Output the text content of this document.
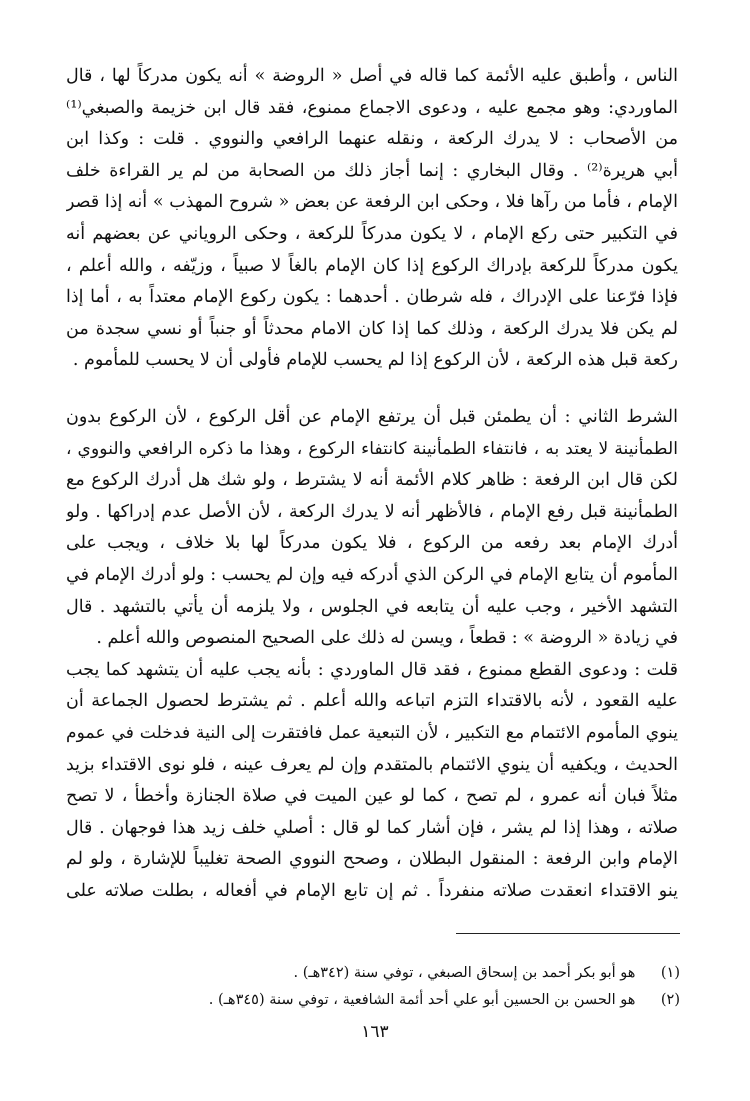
الناس ، وأطبق عليه الأئمة كما قاله في أصل « الروضة » أنه يكون مدركاً لها ، قال
الماوردي: وهو مجمع عليه ، ودعوى الاجماع ممنوع، فقد قال ابن خزيمة والصبغي⁽¹⁾
من الأصحاب : لا يدرك الركعة ، ونقله عنهما الرافعي والنووي . قلت : وكذا ابن
أبي هريرة⁽²⁾ . وقال البخاري : إنما أجاز ذلك من الصحابة من لم ير القراءة خلف
الإمام ، فأما من رآها فلا ، وحكى ابن الرفعة عن بعض « شروح المهذب » أنه إذا قصر
في التكبير حتى ركع الإمام ، لا يكون مدركاً للركعة ، وحكى الروياني عن بعضهم أنه
يكون مدركاً للركعة بإدراك الركوع إذا كان الإمام بالغاً لا صبياً ، وزيّفه ، والله أعلم ،
فإذا فرّعنا على الإدراك ، فله شرطان . أحدهما : يكون ركوع الإمام معتداً به ، أما إذا
لم يكن فلا يدرك الركعة ، وذلك كما إذا كان الامام محدثاً أو جنباً أو نسي سجدة من
ركعة قبل هذه الركعة ، لأن الركوع إذا لم يحسب للإمام فأولى أن لا يحسب للمأموم .
الشرط الثاني : أن يطمئن قبل أن يرتفع الإمام عن أقل الركوع ، لأن الركوع بدون
الطمأنينة لا يعتد به ، فانتفاء الطمأنينة كانتفاء الركوع ، وهذا ما ذكره الرافعي والنووي ،
لكن قال ابن الرفعة : ظاهر كلام الأئمة أنه لا يشترط ، ولو شك هل أدرك الركوع مع
الطمأنينة قبل رفع الإمام ، فالأظهر أنه لا يدرك الركعة ، لأن الأصل عدم إدراكها . ولو
أدرك الإمام بعد رفعه من الركوع ، فلا يكون مدركاً لها بلا خلاف ، ويجب على
المأموم أن يتابع الإمام في الركن الذي أدركه فيه وإن لم يحسب : ولو أدرك الإمام في
التشهد الأخير ، وجب عليه أن يتابعه في الجلوس ، ولا يلزمه أن يأتي بالتشهد . قال
في زيادة « الروضة » : قطعاً ، ويسن له ذلك على الصحيح المنصوص والله أعلم .
قلت : ودعوى القطع ممنوع ، فقد قال الماوردي : بأنه يجب عليه أن يتشهد كما يجب
عليه القعود ، لأنه بالاقتداء التزم اتباعه والله أعلم . ثم يشترط لحصول الجماعة أن
ينوي المأموم الائتمام مع التكبير ، لأن التبعية عمل فافتقرت إلى النية فدخلت في عموم
الحديث ، ويكفيه أن ينوي الائتمام بالمتقدم وإن لم يعرف عينه ، فلو نوى الاقتداء بزيد
مثلاً فبان أنه عمرو ، لم تصح ، كما لو عين الميت في صلاة الجنازة وأخطأ ، لا تصح
صلاته ، وهذا إذا لم يشر ، فإن أشار كما لو قال : أصلي خلف زيد هذا فوجهان . قال
الإمام وابن الرفعة : المنقول البطلان ، وصحح النووي الصحة تغليباً للإشارة ، ولو لم
ينو الاقتداء انعقدت صلاته منفرداً . ثم إن تابع الإمام في أفعاله ، بطلت صلاته على
(١) هو أبو بكر أحمد بن إسحاق الصبغي ، توفي سنة (٣٤٢هـ) .
(٢) هو الحسن بن الحسين أبو علي أحد أئمة الشافعية ، توفي سنة (٣٤٥هـ) .
١٦٣
